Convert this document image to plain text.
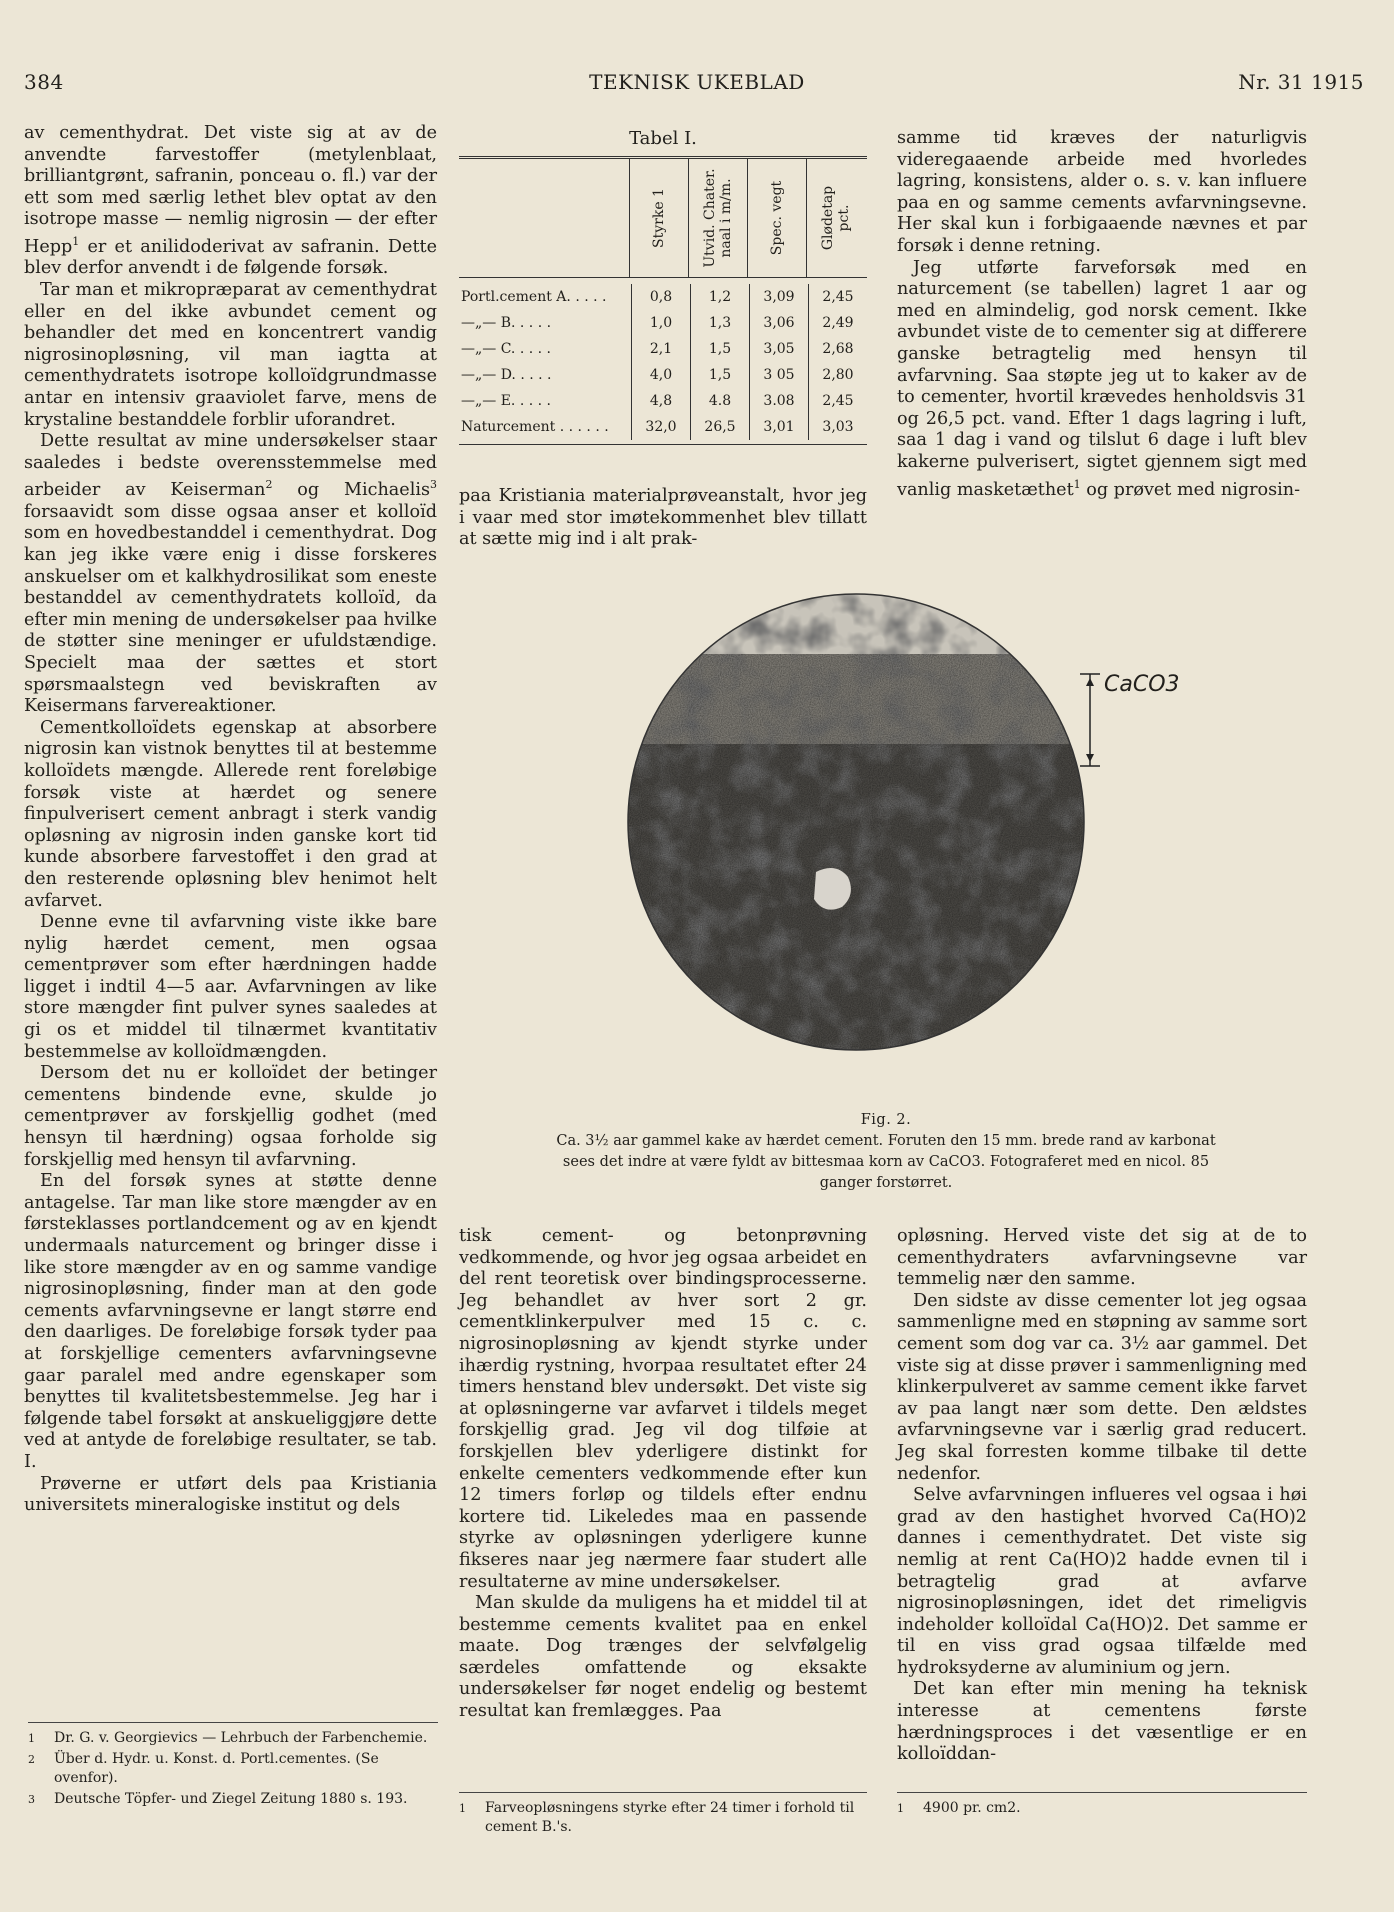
384	TEKNISK UKEBLAD	Nr. 31 1915

av cementhydrat. Det viste sig at av de anvendte farvestoffer (metylenblaat, brilliantgrønt, safranin, ponceau o. fl.) var der ett som med særlig lethet blev optat av den isotrope masse — nemlig nigrosin — der efter Hepp$^1$ er et anilidoderivat av safranin. Dette blev derfor anvendt i de følgende forsøk.

Tar man et mikropræparat av cementhydrat eller en del ikke avbundet cement og behandler det med en koncentrert vandig nigrosinopløsning, vil man iagtta at cementhydratets isotrope kolloïdgrundmasse antar en intensiv graaviolet farve, mens de krystaline bestanddele forblir uforandret.

Dette resultat av mine undersøkelser staar saaledes i bedste overensstemmelse med arbeider av Keiserman$^2$ og Michaelis$^3$ forsaavidt som disse ogsaa anser et kolloïd som en hovedbestanddel i cementhydrat. Dog kan jeg ikke være enig i disse forskeres anskuelser om et kalkhydrosilikat som eneste bestanddel av cementhydratets kolloïd, da efter min mening de undersøkelser paa hvilke de støtter sine meninger er ufuldstændige. Specielt maa der sættes et stort spørsmaalstegn ved beviskraften av Keisermans farvereaktioner.

Cementkolloïdets egenskap at absorbere nigrosin kan vistnok benyttes til at bestemme kolloïdets mængde. Allerede rent foreløbige forsøk viste at hærdet og senere finpulverisert cement anbragt i sterk vandig opløsning av nigrosin inden ganske kort tid kunde absorbere farvestoffet i den grad at den resterende opløsning blev henimot helt avfarvet.

Denne evne til avfarvning viste ikke bare nylig hærdet cement, men ogsaa cementprøver som efter hærdningen hadde ligget i indtil 4—5 aar. Avfarvningen av like store mængder fint pulver synes saaledes at gi os et middel til tilnærmet kvantitativ bestemmelse av kolloïdmængden.

Dersom det nu er kolloïdet der betinger cementens bindende evne, skulde jo cementprøver av forskjellig godhet (med hensyn til hærdning) ogsaa forholde sig forskjellig med hensyn til avfarvning.

En del forsøk synes at støtte denne antagelse. Tar man like store mængder av en førsteklasses portlandcement og av en kjendt undermaals naturcement og bringer disse i like store mængder av en og samme vandige nigrosinopløsning, finder man at den gode cements avfarvningsevne er langt større end den daarliges. De foreløbige forsøk tyder paa at forskjellige cementers avfarvningsevne gaar paralel med andre egenskaper som benyttes til kvalitetsbestemmelse. Jeg har i følgende tabel forsøkt at anskueliggjøre dette ved at antyde de foreløbige resultater, se tab. I.

Prøverne er utført dels paa Kristiania universitets mineralogiske institut og dels

1	Dr. G. v. Georgievics — Lehrbuch der Farbenchemie.
2	Über d. Hydr. u. Konst. d. Portl.cementes. (Se ovenfor).
3	Deutsche Töpfer- und Ziegel Zeitung 1880 s. 193.
Tabel I.
Styrke 1	Utvid. Chater. naal i m/m.	Spec. vegt	Glødetap pct.
Portl.cement A. . . . .	0,8	1,2	3,09	2,45
—„— B. . . . .	1,0	1,3	3,06	2,49
—„— C. . . . .	2,1	1,5	3,05	2,68
—„— D. . . . .	4,0	1,5	3 05	2,80
—„— E. . . . .	4,8	4.8	3.08	2,45
Naturcement . . . . . .	32,0	26,5	3,01	3,03

paa Kristiania materialprøveanstalt, hvor jeg i vaar med stor imøtekommenhet blev tillatt at sætte mig ind i alt prak-

CaCO3
Fig. 2.
Ca. 3½ aar gammel kake av hærdet cement. Foruten den 15 mm. brede rand av karbonat sees det indre at være fyldt av bittesmaa korn av CaCO3. Fotograferet med en nicol. 85 ganger forstørret.

tisk cement- og betonprøvning vedkommende, og hvor jeg ogsaa arbeidet en del rent teoretisk over bindingsprocesserne. Jeg behandlet av hver sort 2 gr. cementklinkerpulver med 15 c. c. nigrosinopløsning av kjendt styrke under ihærdig rystning, hvorpaa resultatet efter 24 timers henstand blev undersøkt. Det viste sig at opløsningerne var avfarvet i tildels meget forskjellig grad. Jeg vil dog tilføie at forskjellen blev yderligere distinkt for enkelte cementers vedkommende efter kun 12 timers forløp og tildels efter endnu kortere tid. Likeledes maa en passende styrke av opløsningen yderligere kunne fikseres naar jeg nærmere faar studert alle resultaterne av mine undersøkelser.

Man skulde da muligens ha et middel til at bestemme cements kvalitet paa en enkel maate. Dog trænges der selvfølgelig særdeles omfattende og eksakte undersøkelser før noget endelig og bestemt resultat kan fremlægges. Paa

1	Farveopløsningens styrke efter 24 timer i forhold til cement B.'s.

samme tid kræves der naturligvis videregaaende arbeide med hvorledes lagring, konsistens, alder o. s. v. kan influere paa en og samme cements avfarvningsevne. Her skal kun i forbigaaende nævnes et par forsøk i denne retning.

Jeg utførte farveforsøk med en naturcement (se tabellen) lagret 1 aar og med en almindelig, god norsk cement. Ikke avbundet viste de to cementer sig at differere ganske betragtelig med hensyn til avfarvning. Saa støpte jeg ut to kaker av de to cementer, hvortil krævedes henholdsvis 31 og 26,5 pct. vand. Efter 1 dags lagring i luft, saa 1 dag i vand og tilslut 6 dage i luft blev kakerne pulverisert, sigtet gjennem sigt med vanlig masketæthet$^1$ og prøvet med nigrosin-

opløsning. Herved viste det sig at de to cementhydraters avfarvningsevne var temmelig nær den samme.

Den sidste av disse cementer lot jeg ogsaa sammenligne med en støpning av samme sort cement som dog var ca. 3½ aar gammel. Det viste sig at disse prøver i sammenligning med klinkerpulveret av samme cement ikke farvet av paa langt nær som dette. Den ældstes avfarvningsevne var i særlig grad reducert. Jeg skal forresten komme tilbake til dette nedenfor.

Selve avfarvningen influeres vel ogsaa i høi grad av den hastighet hvorved Ca(HO)2 dannes i cementhydratet. Det viste sig nemlig at rent Ca(HO)2 hadde evnen til i betragtelig grad at avfarve nigrosinopløsningen, idet det rimeligvis indeholder kolloïdal Ca(HO)2. Det samme er til en viss grad ogsaa tilfælde med hydroksyderne av aluminium og jern.

Det kan efter min mening ha teknisk interesse at cementens første hærdningsproces i det væsentlige er en kolloïddan-

1	4900 pr. cm2.
